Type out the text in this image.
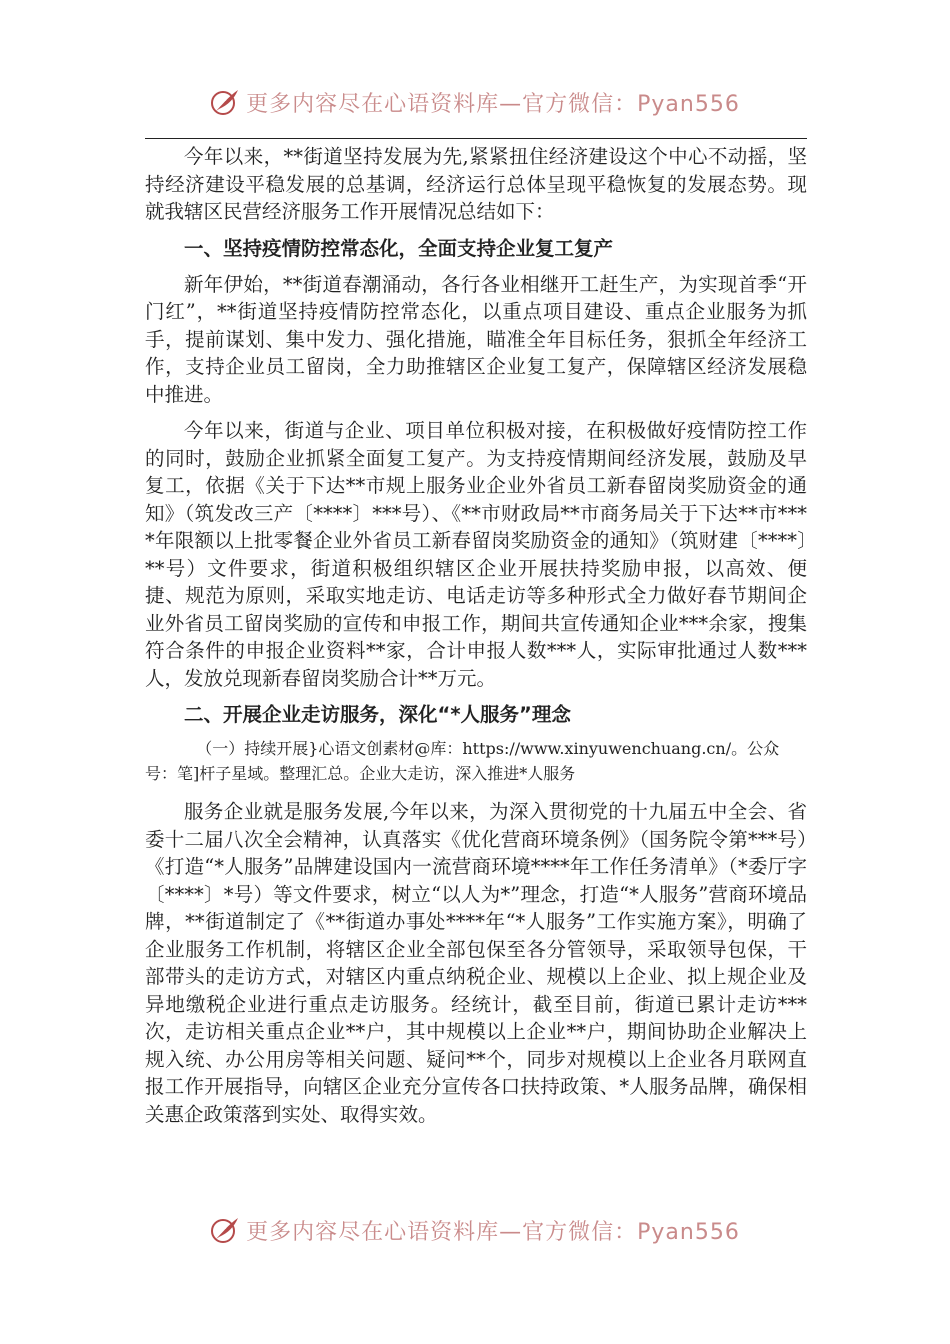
更多内容尽在心语资料库—官方微信：Pyan556

今年以来，**街道坚持发展为先,紧紧扭住经济建设这个中心不动摇，坚持经济建设平稳发展的总基调，经济运行总体呈现平稳恢复的发展态势。现就我辖区民营经济服务工作开展情况总结如下：

一、坚持疫情防控常态化，全面支持企业复工复产

新年伊始，**街道春潮涌动，各行各业相继开工赶生产，为实现首季“开门红”，**街道坚持疫情防控常态化，以重点项目建设、重点企业服务为抓手，提前谋划、集中发力、强化措施，瞄准全年目标任务，狠抓全年经济工作，支持企业员工留岗，全力助推辖区企业复工复产，保障辖区经济发展稳中推进。

今年以来，街道与企业、项目单位积极对接，在积极做好疫情防控工作的同时，鼓励企业抓紧全面复工复产。为支持疫情期间经济发展，鼓励及早复工，依据《关于下达**市规上服务业企业外省员工新春留岗奖励资金的通知》（筑发改三产〔****〕***号）、《**市财政局**市商务局关于下达**市****年限额以上批零餐企业外省员工新春留岗奖励资金的通知》（筑财建〔****〕**号）文件要求，街道积极组织辖区企业开展扶持奖励申报，以高效、便捷、规范为原则，采取实地走访、电话走访等多种形式全力做好春节期间企业外省员工留岗奖励的宣传和申报工作，期间共宣传通知企业***余家，搜集符合条件的申报企业资料**家，合计申报人数***人，实际审批通过人数***人，发放兑现新春留岗奖励合计**万元。

二、开展企业走访服务，深化“*人服务”理念

（一）持续开展}心语文创素材@库：https://www.xinyuwenchuang.cn/。公众号：笔]杆子星域。整理汇总。企业大走访，深入推进*人服务

服务企业就是服务发展,今年以来，为深入贯彻党的十九届五中全会、省委十二届八次全会精神，认真落实《优化营商环境条例》（国务院令第***号）《打造“*人服务”品牌建设国内一流营商环境****年工作任务清单》（*委厅字〔****〕*号）等文件要求，树立“以人为*”理念，打造“*人服务”营商环境品牌，**街道制定了《**街道办事处****年“*人服务”工作实施方案》，明确了企业服务工作机制，将辖区企业全部包保至各分管领导，采取领导包保，干部带头的走访方式，对辖区内重点纳税企业、规模以上企业、拟上规企业及异地缴税企业进行重点走访服务。经统计，截至目前，街道已累计走访***次，走访相关重点企业**户，其中规模以上企业**户，期间协助企业解决上规入统、办公用房等相关问题、疑问**个，同步对规模以上企业各月联网直报工作开展指导，向辖区企业充分宣传各口扶持政策、*人服务品牌，确保相关惠企政策落到实处、取得实效。

更多内容尽在心语资料库—官方微信：Pyan556
